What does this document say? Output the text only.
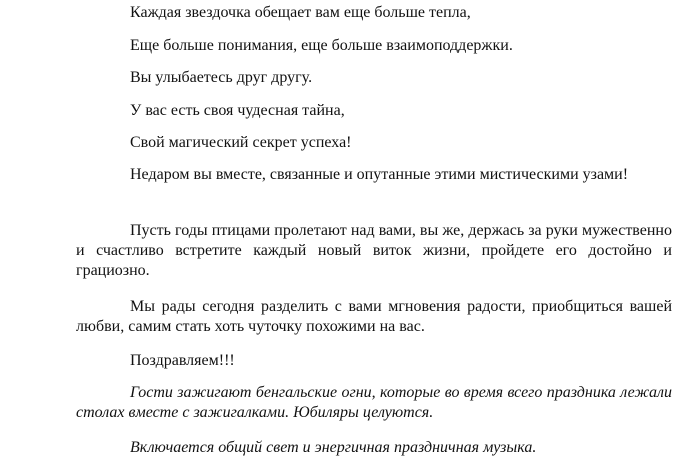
Каждая звездочка обещает вам еще больше тепла,

Еще больше понимания, еще больше взаимоподдержки.

Вы улыбаетесь друг другу.

У вас есть своя чудесная тайна,

Свой магический секрет успеха!

Недаром вы вместе, связанные и опутанные этими мистическими узами!

Пусть годы птицами пролетают над вами, вы же, держась за руки мужественно и счастливо встретите каждый новый виток жизни, пройдете его достойно и грациозно.

Мы рады сегодня разделить с вами мгновения радости, приобщиться вашей любви, самим стать хоть чуточку похожими на вас.

Поздравляем!!!

Гости зажигают бенгальские огни, которые во время всего праздника лежали столах вместе с зажигалками. Юбиляры целуются.

Включается общий свет и энергичная праздничная музыка.
